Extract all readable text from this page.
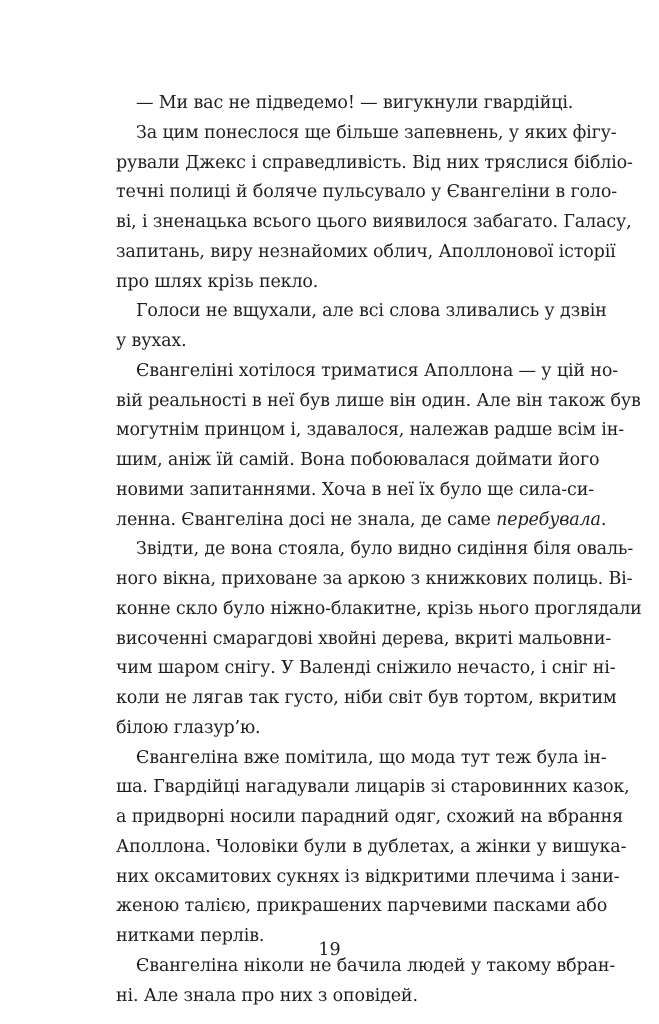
— Ми вас не підведемо! — вигукнули гвардійці.
За цим понеслося ще більше запевнень, у яких фігу-
рували Джекс і справедливість. Від них тряслися бібліо-
течні полиці й боляче пульсувало у Євангеліни в голо-
ві, і зненацька всього цього виявилося забагато. Галасу,
запитань, виру незнайомих облич, Аполлонової історії
про шлях крізь пекло.
Голоси не вщухали, але всі слова зливались у дзвін
у вухах.
Євангеліні хотілося триматися Аполлона — у цій но-
вій реальності в неї був лише він один. Але він також був
могутнім принцом і, здавалося, належав радше всім ін-
шим, аніж їй самій. Вона побоювалася доймати його
новими запитаннями. Хоча в неї їх було ще сила-си-
ленна. Євангеліна досі не знала, де саме перебувала.
Звідти, де вона стояла, було видно сидіння біля оваль-
ного вікна, приховане за аркою з книжкових полиць. Ві-
конне скло було ніжно-блакитне, крізь нього проглядали
височенні смарагдові хвойні дерева, вкриті мальовни-
чим шаром снігу. У Валенді сніжило нечасто, і сніг ні-
коли не лягав так густо, ніби світ був тортом, вкритим
білою глазур’ю.
Євангеліна вже помітила, що мода тут теж була ін-
ша. Гвардійці нагадували лицарів зі старовинних казок,
а придворні носили парадний одяг, схожий на вбрання
Аполлона. Чоловіки були в дублетах, а жінки у вишука-
них оксамитових сукнях із відкритими плечима і зани-
женою талією, прикрашених парчевими пасками або
нитками перлів.
Євангеліна ніколи не бачила людей у такому вбран-
ні. Але знала про них з оповідей.
19
